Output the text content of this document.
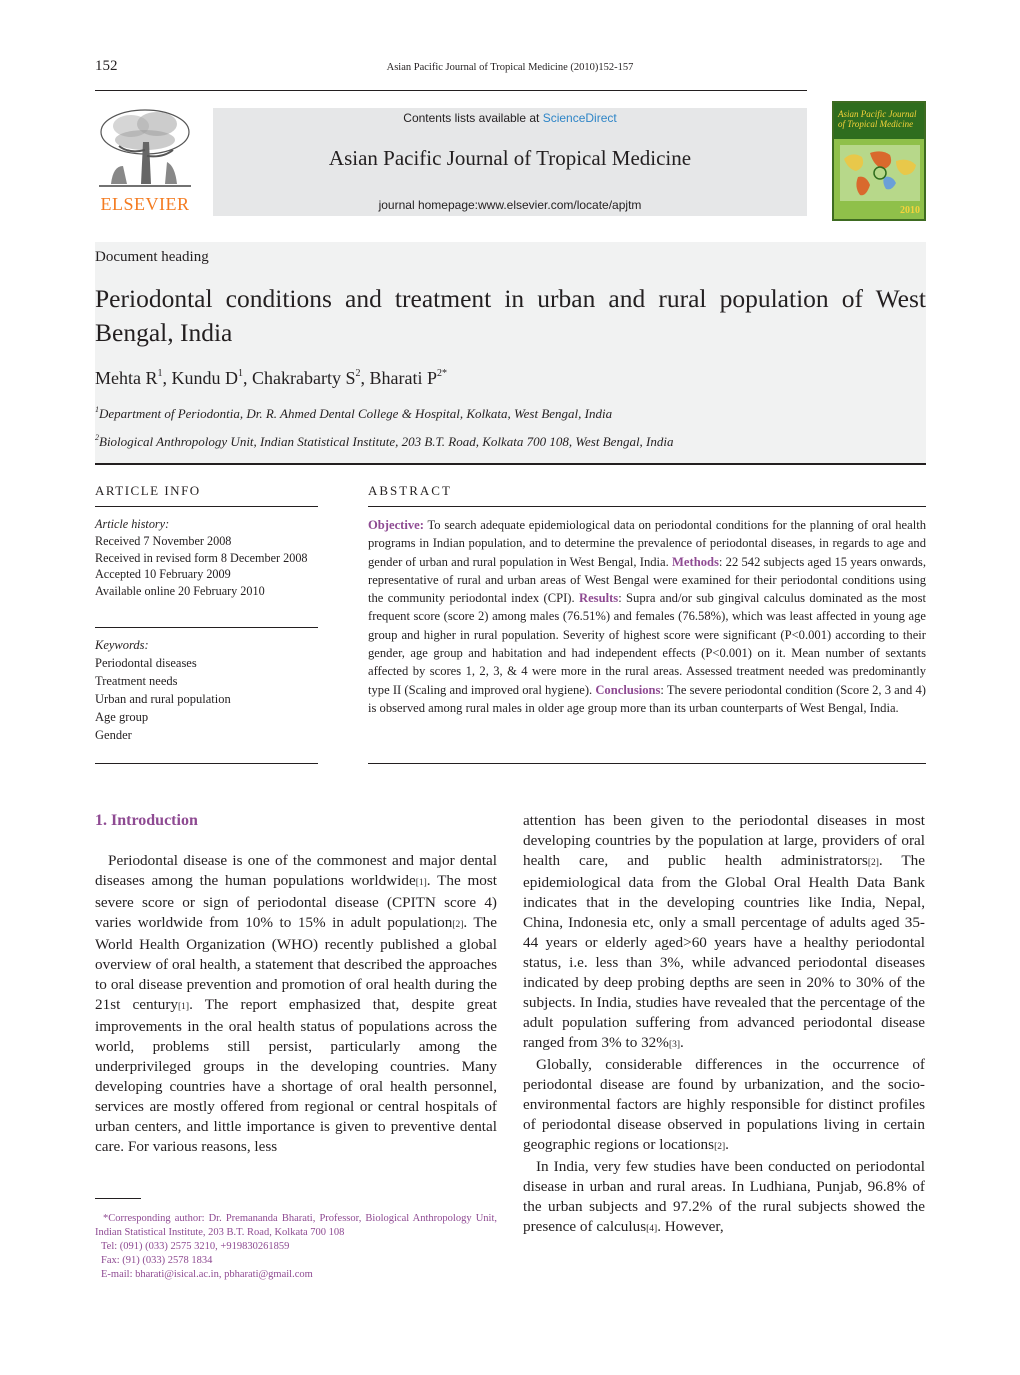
152	Asian Pacific Journal of Tropical Medicine (2010)152-157
ELSEVIER
Contents lists available at ScienceDirect
Asian Pacific Journal of Tropical Medicine
journal homepage:www.elsevier.com/locate/apjtm
Asian Pacific Journal of Tropical Medicine
2010
Document heading
Periodontal conditions and treatment in urban and rural population of West Bengal, India
Mehta $R^1$, Kundu $D^1$, Chakrabarty $S^2$, Bharati $P^{2*}$
$^1$Department of Periodontia, Dr. R. Ahmed Dental College & Hospital, Kolkata, West Bengal, India
$^2$Biological Anthropology Unit, Indian Statistical Institute, 203 B.T. Road, Kolkata 700 108, West Bengal, India
ARTICLE INFO
Article history:
Received 7 November 2008
Received in revised form 8 December 2008
Accepted 10 February 2009
Available online 20 February 2010
Keywords:
Periodontal diseases
Treatment needs
Urban and rural population
Age group
Gender
ABSTRACT
Objective: To search adequate epidemiological data on periodontal conditions for the planning of oral health programs in Indian population, and to determine the prevalence of periodontal diseases, in regards to age and gender of urban and rural population in West Bengal, India. Methods: 22 542 subjects aged 15 years onwards, representative of rural and urban areas of West Bengal were examined for their periodontal conditions using the community periodontal index (CPI). Results: Supra and/or sub gingival calculus dominated as the most frequent score (score 2) among males (76.51%) and females (76.58%), which was least affected in young age group and higher in rural population. Severity of highest score were significant (P<0.001) according to their gender, age group and habitation and had independent effects (P<0.001) on it. Mean number of sextants affected by scores 1, 2, 3, & 4 were more in the rural areas. Assessed treatment needed was predominantly type II (Scaling and improved oral hygiene). Conclusions: The severe periodontal condition (Score 2, 3 and 4) is observed among rural males in older age group more than its urban counterparts of West Bengal, India.
1. Introduction

Periodontal disease is one of the commonest and major dental diseases among the human populations worldwide[1]. The most severe score or sign of periodontal disease (CPITN score 4) varies worldwide from 10% to 15% in adult population[2]. The World Health Organization (WHO) recently published a global overview of oral health, a statement that described the approaches to oral disease prevention and promotion of oral health during the 21st century[1]. The report emphasized that, despite great improvements in the oral health status of populations across the world, problems still persist, particularly among the underprivileged groups in the developing countries. Many developing countries have a shortage of oral health personnel, services are mostly offered from regional or central hospitals of urban centers, and little importance is given to preventive dental care. For various reasons, less

attention has been given to the periodontal diseases in most developing countries by the population at large, providers of oral health care, and public health administrators[2]. The epidemiological data from the Global Oral Health Data Bank indicates that in the developing countries like India, Nepal, China, Indonesia etc, only a small percentage of adults aged 35-44 years or elderly aged>60 years have a healthy periodontal status, i.e. less than 3%, while advanced periodontal diseases indicated by deep probing depths are seen in 20% to 30% of the subjects. In India, studies have revealed that the percentage of the adult population suffering from advanced periodontal disease ranged from 3% to 32%[3].

Globally, considerable differences in the occurrence of periodontal disease are found by urbanization, and the socio-environmental factors are highly responsible for distinct profiles of periodontal disease observed in populations living in certain geographic regions or locations[2].

In India, very few studies have been conducted on periodontal disease in urban and rural areas. In Ludhiana, Punjab, 96.8% of the urban subjects and 97.2% of the rural subjects showed the presence of calculus[4]. However,

*Corresponding author: Dr. Premananda Bharati, Professor, Biological Anthropology Unit, Indian Statistical Institute, 203 B.T. Road, Kolkata 700 108
Tel: (091) (033) 2575 3210, +919830261859
Fax: (91) (033) 2578 1834
E-mail: bharati@isical.ac.in, pbharati@gmail.com
